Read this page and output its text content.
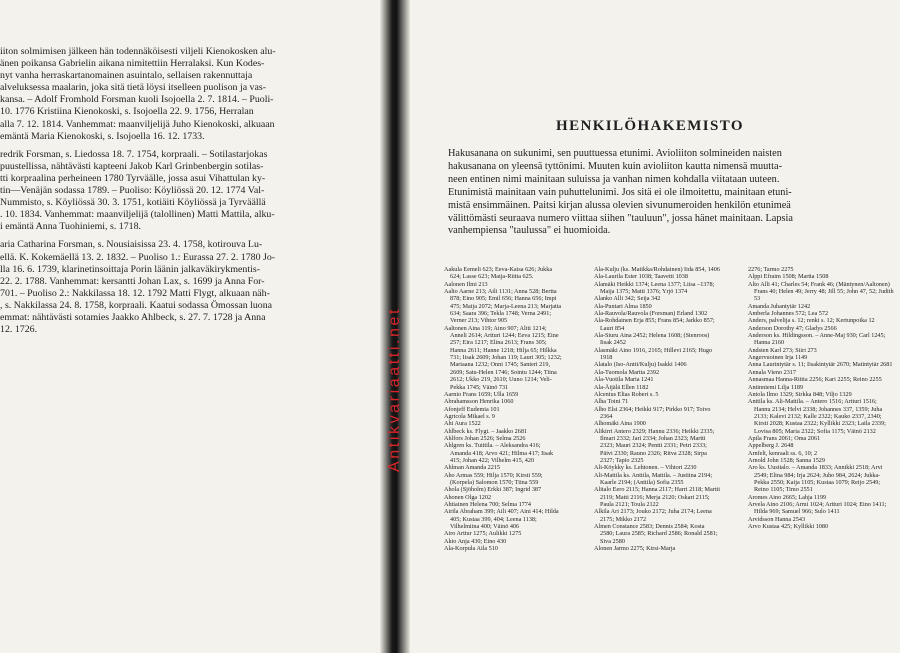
iiton solmimisen jälkeen hän todennäköisesti viljeli Kienokosken alu-
änen poikansa Gabrielin aikana nimitettiin Herralaksi. Kun Kodes-
nyt vanha herraskartanomainen asuintalo, sellaisen rakennuttaja
alveluksessa maalarin, joka sitä tietä löysi itselleen puolison ja vas-
kansa. – Adolf Fromhold Forsman kuoli Isojoella 2. 7. 1814. – Puoli-
10. 1776 Kristiina Kienokoski, s. Isojoella 22. 9. 1756, Herralan
alla 7. 12. 1814. Vanhemmat: maanviljelijä Juho Kienokoski, alkuaan
emäntä Maria Kienokoski, s. Isojoella 16. 12. 1733.
redrik Forsman, s. Liedossa 18. 7. 1754, korpraali. – Sotilastarjokas
puustellissa, nähtävästi kapteeni Jakob Karl Grinbenbergin sotilas-
tti korpraalina perheineen 1780 Tyrväälle, jossa asui Vihattulan ky-
tin—Venäjän sodassa 1789. – Puoliso: Köyliössä 20. 12. 1774 Val-
Nummisto, s. Köyliössä 30. 3. 1751, kotiäiti Köyliössä ja Tyrväällä
. 10. 1834. Vanhemmat: maanviljelijä (talollinen) Matti Mattila, alku-
i emäntä Anna Tuohiniemi, s. 1718.
aria Catharina Forsman, s. Nousiaisissa 23. 4. 1758, kotirouva Lu-
ellä. K. Kokemäellä 13. 2. 1832. – Puoliso 1.: Eurassa 27. 2. 1780 Jo-
lla 16. 6. 1739, klarinetinsoittaja Porin läänin jalkaväkirykmentis-
22. 2. 1788. Vanhemmat: kersantti Johan Lax, s. 1699 ja Anna For-
701. – Puoliso 2.: Nakkilassa 18. 12. 1792 Matti Flygt, alkuaan näh-
, s. Nakkilassa 24. 8. 1758, korpraali. Kaatui sodassa Ömossan luona
emmat: nähtävästi sotamies Jaakko Ahlbeck, s. 27. 7. 1728 ja Anna
12. 1726.
HENKILÖHAKEMISTO
Hakusanana on sukunimi, sen puuttuessa etunimi. Avioliiton solmineiden naisten
hakusanana on yleensä tyttönimi. Muuten kuin avioliiton kautta nimensä muutta-
neen entinen nimi mainitaan suluissa ja vanhan nimen kohdalla viitataan uuteen.
Etunimistä mainitaan vain puhuttelunimi. Jos sitä ei ole ilmoitettu, mainitaan etuni-
mistä ensimmäinen. Paitsi kirjan alussa olevien sivunumeroiden henkilön etunimeä
välittömästi seuraava numero viittaa siihen "tauluun", jossa hänet mainitaan. Lapsia
vanhempiensa "taulussa" ei huomioida.
Aakula Eemeli 623; Eeva-Kaisa 626; Jukka 624; Lasse 623; Maija-Riitta 625.
Aalonen Ilmi 213
Aalto Aarne 213; Aili 1131; Anna 528; Bertta 878; Eino 905; Emil 656; Hanna 656; Impi 475; Maija 2072; Marja-Leena 213; Marjatta 634; Saara 396; Tekla 1748; Verna 2491; Verner 213; Vihtor 905
Aaltonen Aina 119; Aino 907; Aliti 1214; Anneli 2614; Artturi 1244; Eeva 1215; Eine 257; Eira 1217; Elina 2613; Frans 305; Hanna 2611; Hanne 1218; Hilja 65; Hilkka 731; Iisak 2609; Johan 119; Lauri 305; 1232; Mariaana 1232; Onni 1745; Santeri 219, 2609; Satu-Helen 1746; Sointu 1244; Tiina 2612; Ukko 219, 2610; Uuno 1214; Veli-Pekka 1745; Väinö 731
Aarnio Frans 1659; Ulla 1659
Abrahamsson Henrika 1060
Afonjeff Eudemia 101
Agricola Mikael s. 9
Ahi Aura 1522
Ahlbeck ks. Flygt. – Jaakko 2681
Ahlfors Johan 2526; Selma 2526
Ahlgren ks. Tuittila. – Aleksandra 416; Amanda 418; Arvo 421; Hilma 417; Iisak 415; Johan 422; Vilhelm 415, 420
Ahlman Amanda 2215
Aho Armas 559; Hilja 1570; Kirsti 559; (Korpela) Salomon 1570; Tiina 559
Ahola (Sjöholm) Erkki 387; Ingrid 387
Ahonen Olga 1202
Ahtiainen Helena 700; Selma 1774
Airila Abraham 399; Aili 407; Aini 414; Hilda 405; Kustaa 399, 404; Leena 1138; Vilhelmiina 400; Väinö 406
Airo Arttur 1275; Aulikki 1275
Akio Anja 430; Eino 430
Ala-Korpula Aila 510
Ala-Kulju (ks. Matikka/Rohdainen) Iida 854, 1406
Ala-Laurila Ester 1038; Taavetti 1038
Alamäki Heikki 1374; Leena 1377; Liisa –1378; Maija 1375; Matti 1376; Yrjö 1374
Alanko Alli 342; Seija 342
Ala-Puntari Alma 1850
Ala-Rauvola/Rauvola (Forsman) Erland 1302
Ala-Rohdainen Erja 855; Frans 854; Jarkko 857; Lauri 854
Ala-Siuru Aina 2452; Helena 1608; (Stenroos) Iisak 2452
Alasmäki Aino 1916, 2165; Hillevi 2165; Hugo 1918
Alatalo (Iso-Antti/Kulju) Isakki 1406
Ala-Tuomola Martta 2392
Ala-Vuotila Maria 1241
Ala-Äijälä Ellen 1182
Alcenius Elias Robert s. 5
Alha Toini 71
Alho Elsi 2364; Heikki 917; Pirkko 917; Toivo 2364
Alhomäki Aina 1900
Alikirri Antero 2329; Hannu 2336; Heikki 2335; Ilmari 2332; Jari 2334; Johan 2323; Martti 2323; Mauri 2324; Pentti 2331; Petri 2333; Päivi 2330; Rauno 2326; Ritva 2328; Sirpa 2327; Tapio 2325
Ali-Köykky ks. Lehtonen. – Vihtori 2230
Ali-Mattila ks. Anttila, Mattila. – Justiina 2194; Kaarle 2194; (Anttila) Sofia 2355
Alitalo Eero 2115; Hanna 2117; Harri 2118; Martti 2119; Matti 2116; Merja 2120; Oskari 2115; Paula 2121; Toula 2122
Alkila Ari 2173; Jouko 2172; Juha 2174; Leena 2175; Mikko 2172
Almen Constance 2583; Dennis 2584; Kosta 2580; Laura 2585; Richard 2586; Ronald 2581; Siva 2580
Alonen Jarmo 2275; Kirsi-Marja
2276; Tarmo 2275
Alppi Efraim 1508; Martta 1508
Alto Alli 41; Charles 54; Frank 46; (Mäntynen/Aaltonen) Frans 40; Helen 49; Jerry 48; Jill 55; John 47, 52; Judith 53
Amanda Juhantytär 1242
Amberla Johannes 572; Lea 572
Anders, palvelija s. 12; renki s. 12; Kertunpoika 12
Anderson Dorothy 47; Gladys 2566
Anderson ks. Hildingsson. – Anne-Maj 930; Carl 1245; Hanna 2160
Andsten Karl 273; Siiri 273
Angervuoinen Irja 1149
Anna Laurintytär s. 11; Iisakintytär 2670; Matintytär 2681
Annala Vieno 2317
Annasmaa Hanna-Riitta 2256; Kari 2255; Reino 2255
Antinniemi Lilja 1189
Antola Ilmo 1329; Sirkka 848; Viljo 1329
Anttila ks. Ali-Mattila. – Antero 1516; Artturi 1516; Hannu 2134; Helvi 2338; Johannes 337, 1359; Juha 2133; Kalevi 2132; Kalle 2322; Kauko 2337, 2340; Kirsti 2028; Kustaa 2322; Kyllikki 2323; Laila 2339; Lovisa 805; Maria 2322; Sofia 1175; Väinö 2132
Apila Frans 2061; Oma 2061
Appelberg J. 2648
Arnfelt, kenraali ss. 6, 10; 2
Arnold John 1528; Sanna 1529
Aro ks. Uusitalo. – Amanda 1833; Annikki 2518; Arvi 2549; Elina 984; Irja 2624; Juho 984, 2624; Jukka-Pekka 2550; Kaija 1105; Kustaa 1079; Reijo 2549; Reino 1105; Timo 2551
Aromes Aino 2665; Lahja 1199
Arvela Aino 2106; Armi 1024; Artturi 1024; Eino 1411; Hilda 969; Samuel 966; Sulo 1411
Arvidsson Hanna 2543
Arvo Kustaa 425; Kyllikki 1080
Antikvariaatti.net
